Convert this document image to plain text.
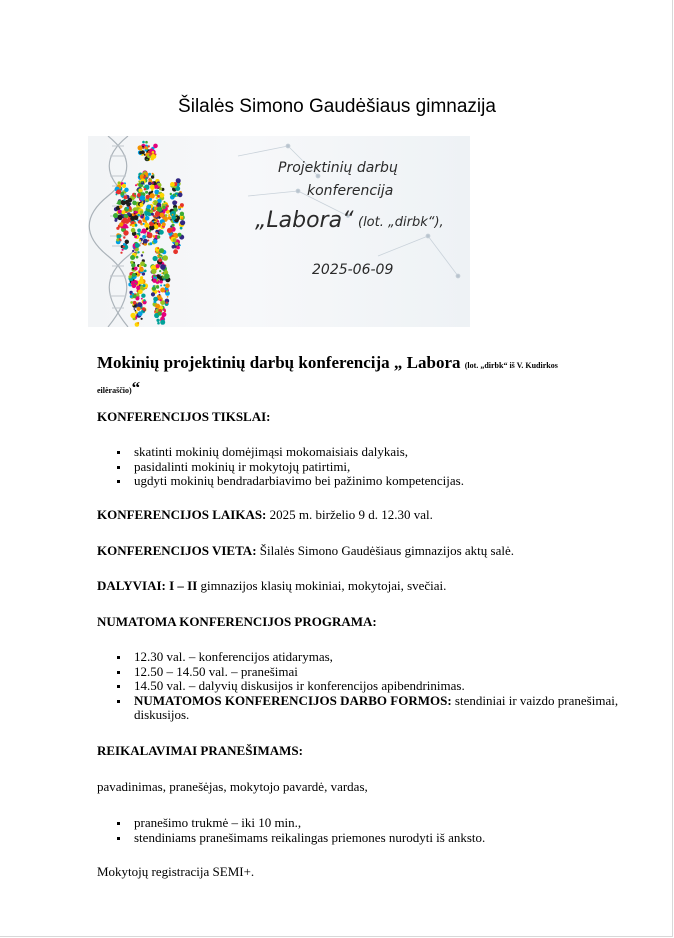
Šilalės Simono Gaudėšiaus gimnazija
Projektinių darbų
konferencija
„Labora“ (lot. „dirbk“),
2025-06-09
Mokinių projektinių darbų konferencija „ Labora (lot. „dirbk“ iš V. Kudirkos
eilėraščio)“
KONFERENCIJOS TIKSLAI:
skatinti mokinių domėjimąsi mokomaisiais dalykais,
pasidalinti mokinių ir mokytojų patirtimi,
ugdyti mokinių bendradarbiavimo bei pažinimo kompetencijas.
KONFERENCIJOS LAIKAS: 2025 m. birželio 9 d. 12.30 val.
KONFERENCIJOS VIETA: Šilalės Simono Gaudėšiaus gimnazijos aktų salė.
DALYVIAI: I – II gimnazijos klasių mokiniai, mokytojai, svečiai.
NUMATOMA KONFERENCIJOS PROGRAMA:
12.30 val. – konferencijos atidarymas,
12.50 – 14.50 val. – pranešimai
14.50 val. – dalyvių diskusijos ir konferencijos apibendrinimas.
NUMATOMOS KONFERENCIJOS DARBO FORMOS: stendiniai ir vaizdo pranešimai, diskusijos.
REIKALAVIMAI PRANEŠIMAMS:
pavadinimas, pranešėjas, mokytojo pavardė, vardas,
pranešimo trukmė – iki 10 min.,
stendiniams pranešimams reikalingas priemones nurodyti iš anksto.
Mokytojų registracija SEMI+.
